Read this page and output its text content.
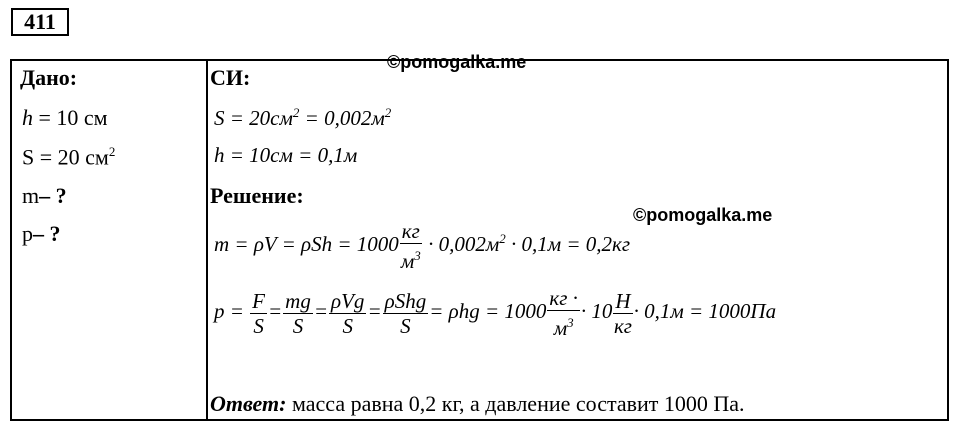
411
Дано:
h = 10 см
S = 20 $см^2$
m– ?
p– ?
СИ:
$S = 20см^2 = 0,002м^2$
h = 10см = 0,1м
Решение:
$m = \rho V = \rho Sh = 1000 \frac{кг}{м^3} \cdot 0,002м^2 \cdot 0,1м = 0,2кг$
$p = \frac{F}{S} = \frac{mg}{S} = \frac{\text{ρVg}}{S} = \frac{\text{ρShg}}{S} = \rho hg = 1000 \frac{кг \cdot}{м^3} \cdot 10 \frac{Н}{кг} \cdot 0,1м = 1000Па$
Ответ: масса равна 0,2 кг, а давление составит 1000 Па.
©pomogalka.me
©pomogalka.me
